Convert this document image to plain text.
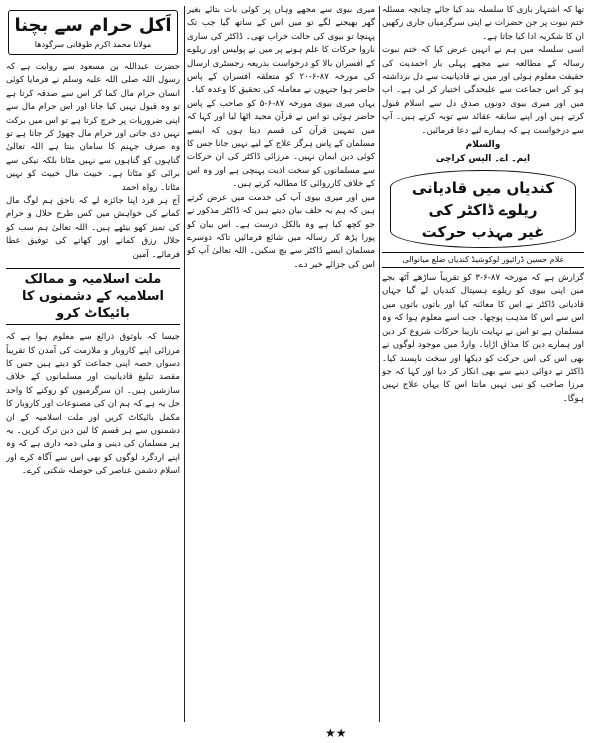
تھا کہ اشتہار بازی کا سلسلہ بند کیا جائے چنانچہ مسئلہ ختم نبوت پر جن حضرات نے اپنی سرگرمیاں جاری رکھیں ان کا شکریہ ادا کیا جاتا ہے۔

اسی سلسلہ میں ہم نے انہیں عرض کیا کہ ختم نبوت رسالہ کے مطالعہ سے مجھے پہلی بار احمدیت کی حقیقت معلوم ہوئی اور میں نے قادیانیت سے دل برداشتہ ہو کر اس جماعت سے علیحدگی اختیار کر لی ہے۔ اب میں اور میری بیوی دونوں صدق دل سے اسلام قبول کرتے ہیں اور اپنے سابقہ عقائد سے توبہ کرتے ہیں۔ آپ سے درخواست ہے کہ ہمارے لیے دعا فرمائیں۔

والسلام
ایم۔ اے۔ الیس کراچی
کندیاں میں قادیانی
ریلوے ڈاکٹر کی
غیر مہذب حرکت
غلام حسین ڈرائیور لوکوشیڈ کندیاں ضلع میانوالی

گزارش ہے کہ مورخہ ۸۷-۶-۳ کو تقریباً ساڑھے آٹھ بجے میں اپنی بیوی کو ریلوے ہسپتال کندیاں لے گیا جہاں قادیانی ڈاکٹر نے اس کا معائنہ کیا اور باتوں باتوں میں اس سے اس کا مذہب پوچھا۔ جب اسے معلوم ہوا کہ وہ مسلمان ہے تو اس نے نہایت نازیبا حرکات شروع کر دیں اور ہمارے دین کا مذاق اڑایا۔ وارڈ میں موجود لوگوں نے بھی اس کی اس حرکت کو دیکھا اور سخت ناپسند کیا۔ ڈاکٹر نے دوائی دینے سے بھی انکار کر دیا اور کہا کہ جو مرزا صاحب کو نبی نہیں مانتا اس کا یہاں علاج نہیں ہوگا۔

میری بیوی سے مجھے وہاں پر کوئی بات بتائے بغیر گھر بھیجنے لگے تو میں اس کے ساتھ گیا جب تک پہنچا تو بیوی کی حالت خراب تھی۔ ڈاکٹر کی ساری ناروا حرکات کا علم ہونے پر میں نے پولیس اور ریلوے کے افسران بالا کو درخواست بذریعہ رجسٹری ارسال کی مورخہ ۸۷-۶-۲۰ کو متعلقہ افسران کے پاس حاضر ہوا جنہوں نے معاملہ کی تحقیق کا وعدہ کیا۔

یہاں میری بیوی مورخہ ۸۷-۶-۵ کو صاحب کے پاس حاضر ہوئی تو اس نے قرآن مجید اٹھا لیا اور کہا کہ میں تمہیں قرآن کی قسم دیتا ہوں کہ ایسے مسلمان کے پاس ہرگز علاج کے لیے نہیں جانا جس کا کوئی دین ایمان نہیں۔ مرزائی ڈاکٹر کی ان حرکات سے مسلمانوں کو سخت اذیت پہنچی ہے اور وہ اس کے خلاف کارروائی کا مطالبہ کرتے ہیں۔

میں اور میری بیوی آپ کی خدمت میں عرض کرتے ہیں کہ ہم بہ حلف بیان دیتے ہیں کہ ڈاکٹر مذکور نے جو کچھ کیا ہے وہ بالکل درست ہے۔ اس بیان کو پورا پڑھ کر رسالہ میں شائع فرمائیں تاکہ دوسرے مسلمان ایسے ڈاکٹر سے بچ سکیں۔ اللہ تعالیٰ آپ کو اس کی جزائے خیر دے۔

اَکل حرام سے بچنا
مولانا محمد اکرم طوفانی سرگودھا

حضرت عبداللہ بن مسعود سے روایت ہے کہ رسول اللہ صلی اللہ علیہ وسلم نے فرمایا کوئی انسان حرام مال کما کر اس سے صدقہ کرتا ہے تو وہ قبول نہیں کیا جاتا اور اس حرام مال سے اپنی ضروریات پر خرچ کرتا ہے تو اس میں برکت نہیں دی جاتی اور حرام مال چھوڑ کر جاتا ہے تو وہ صرف جہنم کا سامان بنتا ہے اللہ تعالیٰ گناہوں کو گناہوں سے نہیں مٹاتا بلکہ نیکی سے برائی کو مٹاتا ہے۔ خبیث مال خبیث کو نہیں مٹاتا۔ رواہ احمد

آج ہر فرد اپنا جائزہ لے کہ ناحق ہم لوگ مال کمانے کی خواہش میں کس طرح حلال و حرام کی تمیز کھو بیٹھے ہیں۔ اللہ تعالیٰ ہم سب کو حلال رزق کمانے اور کھانے کی توفیق عطا فرمائے۔ آمین

ملت اسلامیہ و ممالک اسلامیہ کے دشمنوں کا بائیکاٹ کرو

جیسا کہ باوثوق ذرائع سے معلوم ہوا ہے کہ مرزائی اپنے کاروبار و ملازمت کی آمدن کا تقریباً دسواں حصہ اپنی جماعت کو دیتے ہیں جس کا مقصد تبلیغ قادیانیت اور مسلمانوں کے خلاف سازشیں ہیں۔ ان سرگرمیوں کو روکنے کا واحد حل یہ ہے کہ ہم ان کی مصنوعات اور کاروبار کا مکمل بائیکاٹ کریں اور ملت اسلامیہ کے ان دشمنوں سے ہر قسم کا لین دین ترک کریں۔ یہ ہر مسلمان کی دینی و ملی ذمہ داری ہے کہ وہ اپنے اردگرد لوگوں کو بھی اس سے آگاہ کرے اور اسلام دشمن عناصر کی حوصلہ شکنی کرے۔

★★
